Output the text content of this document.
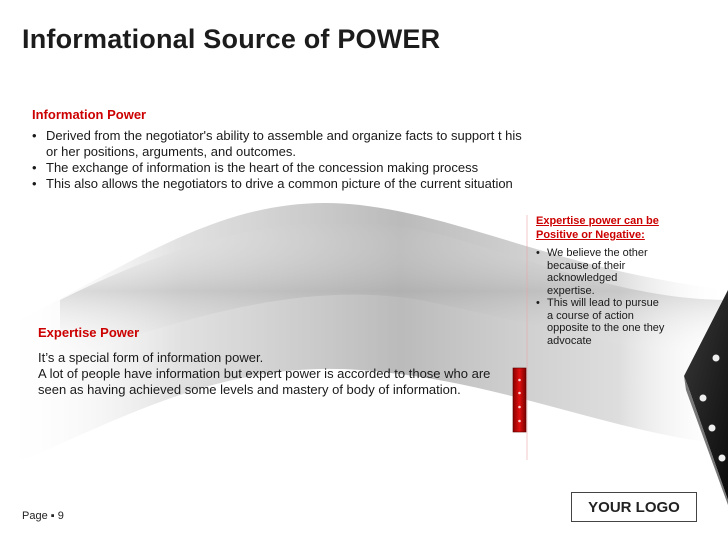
Informational Source of POWER

Information Power

• Derived from the negotiator's ability to assemble and organize facts to support t his or her positions, arguments, and outcomes.
• The exchange of information is the heart of the concession making process
• This also allows the negotiators to drive a common picture of the current situation

Expertise power can be Positive or Negative:

• We believe the other because of their acknowledged expertise.
• This will lead to pursue a course of action opposite to the one they advocate

Expertise Power

It’s a special form of information power.

A lot of people have information but expert power is accorded to those who are seen as having achieved some levels and mastery of body of information.

Page ▪ 9
YOUR LOGO
